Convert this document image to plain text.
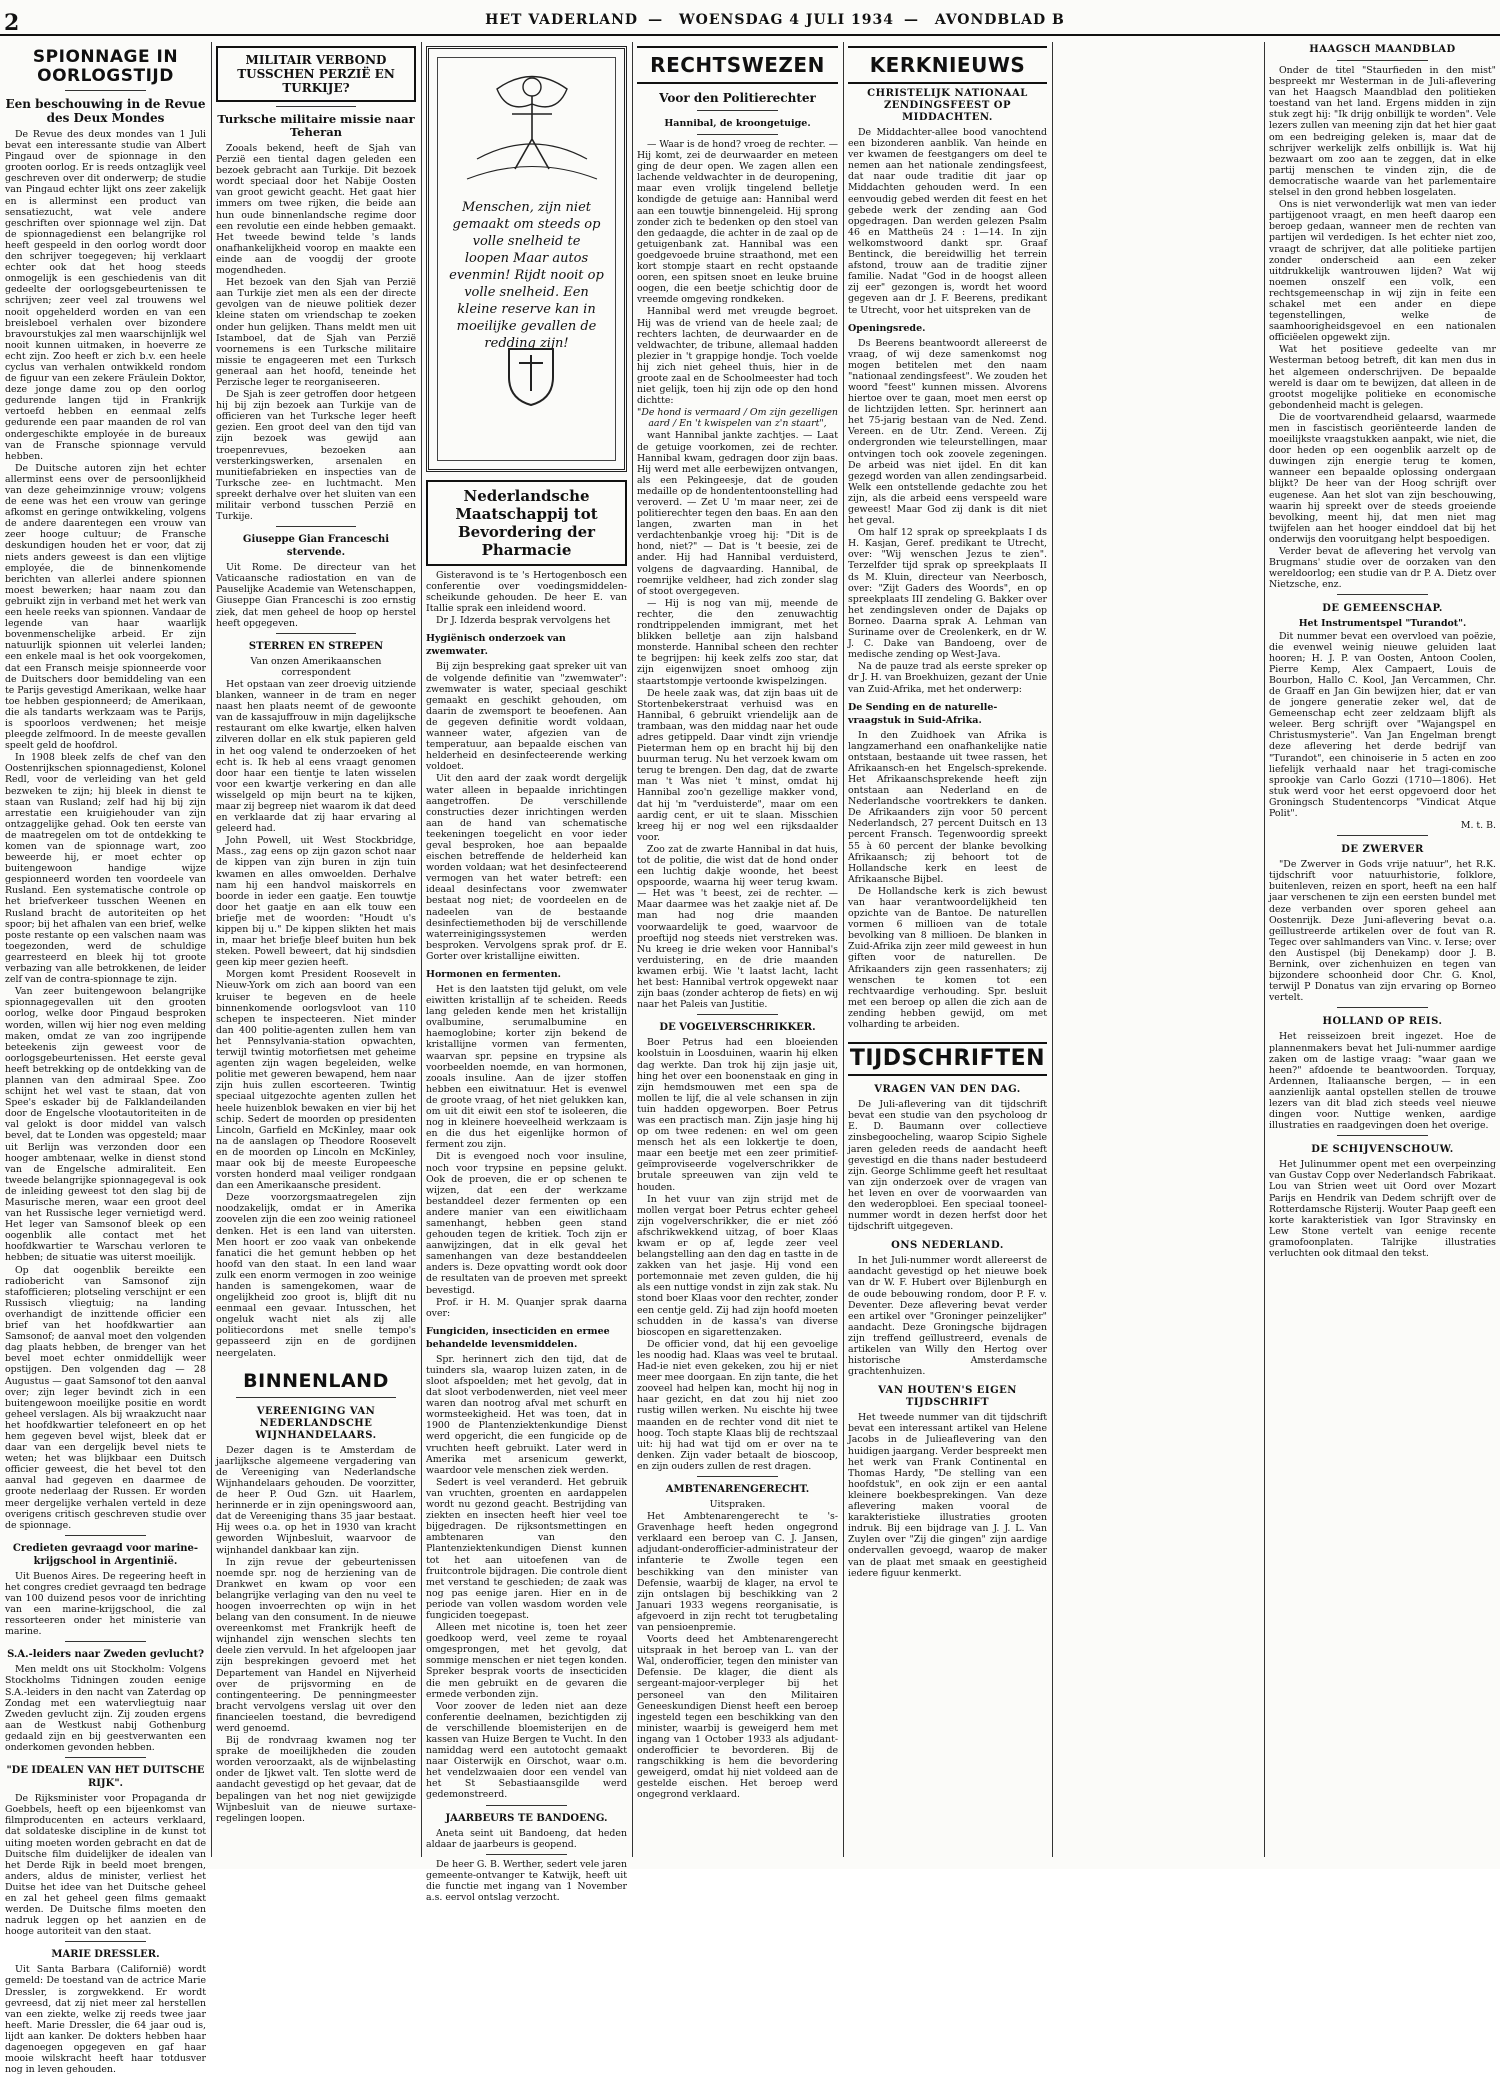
2	HET VADERLAND — WOENSDAG 4 JULI 1934 — AVONDBLAD B
SPIONNAGE IN OORLOGSTIJD
Een beschouwing in de Revue des Deux Mondes
De Revue des deux mondes van 1 Juli bevat een interessante studie van Albert Pingaud over de spionnage in den grooten oorlog. Er is reeds ontzaglijk veel geschreven over dit onderwerp; de studie van Pingaud echter lijkt ons zeer zakelijk en is allerminst een product van sensatiezucht, wat vele andere geschriften over spionnage wel zijn. Dat de spionnagedienst een belangrijke rol heeft gespeeld in den oorlog wordt door den schrijver toegegeven; hij verklaart echter ook dat het hoog steeds onmogelijk is een geschiedenis van dit gedeelte der oorlogsgebeurtenissen te schrijven; zeer veel zal trouwens wel nooit opgehelderd worden en van een breisleboel verhalen over bizondere bravourstukjes zal men waarschijnlijk wel nooit kunnen uitmaken, in hoeverre ze echt zijn. Zoo heeft er zich b.v. een heele cyclus van verhalen ontwikkeld rondom de figuur van een zekere Fräulein Doktor, deze jonge dame zou op den oorlog gedurende langen tijd in Frankrijk vertoefd hebben en eenmaal zelfs gedurende een paar maanden de rol van ondergeschikte employée in de bureaux van de Fransche spionnage vervuld hebben.
De Duitsche autoren zijn het echter allerminst eens over de persoonlijkheid van deze geheimzinnige vrouw; volgens de eene was het een vrouw van geringe afkomst en geringe ontwikkeling, volgens de andere daarentegen een vrouw van zeer hooge cultuur; de Fransche deskundigen houden het er voor, dat zij niets anders geweest is dan een vlijtige employée, die de binnenkomende berichten van allerlei andere spionnen moest bewerken; haar naam zou dan gebruikt zijn in verband met het werk van een heele reeks van spionnen. Vandaar de legende van haar waarlijk bovenmenschelijke arbeid. Er zijn natuurlijk spionnen uit velerlei landen; een enkele maal is het ook voorgekomen, dat een Fransch meisje spionneerde voor de Duitschers door bemiddeling van een te Parijs gevestigd Amerikaan, welke haar toe hebben gespionneerd; de Amerikaan, die als tandarts werkzaam was te Parijs, is spoorloos verdwenen; het meisje pleegde zelfmoord. In de meeste gevallen speelt geld de hoofdrol.
In 1908 bleek zelfs de chef van den Oostenrijkschen spionnagedienst, Kolonel Redl, voor de verleiding van het geld bezweken te zijn; hij bleek in dienst te staan van Rusland; zelf had hij bij zijn arrestatie een kruigiehouder van zijn ontzaggelijke gehad. Ook ten eerste van de maatregelen om tot de ontdekking te komen van de spionnage wart, zoo beweerde hij, er moet echter op buitengewoon handige wijze gespionneerd worden ten voordeele van Rusland. Een systematische controle op het briefverkeer tusschen Weenen en Rusland bracht de autoriteiten op het spoor; bij het afhalen van een brief, welke poste restante op een valschen naam was toegezonden, werd de schuldige gearresteerd en bleek hij tot groote verbazing van alle betrokkenen, de leider zelf van de contra-spionnage te zijn.
Van zeer buitengewoon belangrijke spionnagegevallen uit den grooten oorlog, welke door Pingaud besproken worden, willen wij hier nog even melding maken, omdat ze van zoo ingrijpende beteekenis zijn geweest voor de oorlogsgebeurtenissen. Het eerste geval heeft betrekking op de ontdekking van de plannen van den admiraal Spee. Zoo schijnt het wel vast te staan, dat von Spee's eskader bij de Falklandeilanden door de Engelsche vlootautoriteiten in de val gelokt is door middel van valsch bevel, dat te Londen was opgesteld; maar uit Berlijn was verzonden door een hooger ambtenaar, welke in dienst stond van de Engelsche admiraliteit. Een tweede belangrijke spionnagegeval is ook de inleiding geweest tot den slag bij de Masurische meren, waar een groot deel van het Russische leger vernietigd werd. Het leger van Samsonof bleek op een oogenblik alle contact met het hoofdkwartier te Warschau verloren te hebben; de situatie was uiterst moeilijk.
Op dat oogenblik bereikte een radiobericht van Samsonof zijn stafofficieren; plotseling verschijnt er een Russisch vliegtuig; na landing overhandigt de inzittende officier een brief van het hoofdkwartier aan Samsonof; de aanval moet den volgenden dag plaats hebben, de brenger van het bevel moet echter onmiddellijk weer opstijgen. Den volgenden dag — 28 Augustus — gaat Samsonof tot den aanval over; zijn leger bevindt zich in een buitengewoon moeilijke positie en wordt geheel verslagen. Als bij wraakzucht naar het hoofdkwartier telefoneert en op het hem gegeven bevel wijst, bleek dat er daar van een dergelijk bevel niets te weten; het was blijkbaar een Duitsch officier geweest, die het bevel tot den aanval had gegeven en daarmee de groote nederlaag der Russen. Er worden meer dergelijke verhalen verteld in deze overigens critisch geschreven studie over de spionnage.
Credieten gevraagd voor marine-krijgschool in Argentinië.
Uit Buenos Aires. De regeering heeft in het congres crediet gevraagd ten bedrage van 100 duizend pesos voor de inrichting van een marine-krijgschool, die zal ressorteeren onder het ministerie van marine.
S.A.-leiders naar Zweden gevlucht?
Men meldt ons uit Stockholm: Volgens Stockholms Tidningen zouden eenige S.A.-leiders in den nacht van Zaterdag op Zondag met een watervliegtuig naar Zweden gevlucht zijn. Zij zouden ergens aan de Westkust nabij Gothenburg gedaald zijn en bij geestverwanten een onderkomen gevonden hebben.
"DE IDEALEN VAN HET DUITSCHE RIJK".
De Rijksminister voor Propaganda dr Goebbels, heeft op een bijeenkomst van filmproducenten en acteurs verklaard, dat soldateske discipline in de kunst tot uiting moeten worden gebracht en dat de Duitsche film duidelijker de idealen van het Derde Rijk in beeld moet brengen, anders, aldus de minister, verliest het Duitse het idee van het Duitsche geheel en zal het geheel geen films gemaakt werden. De Duitsche films moeten den nadruk leggen op het aanzien en de hooge autoriteit van den staat.
MARIE DRESSLER.
Uit Santa Barbara (Californië) wordt gemeld: De toestand van de actrice Marie Dressler, is zorgwekkend. Er wordt gevreesd, dat zij niet meer zal herstellen van een ziekte, welke zij reeds twee jaar heeft. Marie Dressler, die 64 jaar oud is, lijdt aan kanker. De dokters hebben haar dagenoegen opgegeven en gaf haar mooie wilskracht heeft haar totdusver nog in leven gehouden.
MILITAIR VERBOND TUSSCHEN PERZIË EN TURKIJE?
Turksche militaire missie naar Teheran
Zooals bekend, heeft de Sjah van Perzië een tiental dagen geleden een bezoek gebracht aan Turkije. Dit bezoek wordt speciaal door het Nabije Oosten van groot gewicht geacht. Het gaat hier immers om twee rijken, die beide aan hun oude binnenlandsche regime door een revolutie een einde hebben gemaakt. Het tweede bewind telde 's lands onafhankelijkheid voorop en maakte een einde aan de voogdij der groote mogendheden.
Het bezoek van den Sjah van Perzië aan Turkije ziet men als een der directe gevolgen van de nieuwe politiek dezer kleine staten om vriendschap te zoeken onder hun gelijken. Thans meldt men uit Istamboel, dat de Sjah van Perzië voornemens is een Turksche militaire missie te engageeren met een Turksch generaal aan het hoofd, teneinde het Perzische leger te reorganiseeren.
De Sjah is zeer getroffen door hetgeen hij bij zijn bezoek aan Turkije van de officieren van het Turksche leger heeft gezien. Een groot deel van den tijd van zijn bezoek was gewijd aan troepenrevues, bezoeken aan versterkingswerken, arsenalen en munitiefabrieken en inspecties van de Turksche zee- en luchtmacht. Men spreekt derhalve over het sluiten van een militair verbond tusschen Perzië en Turkije.
Giuseppe Gian Franceschi stervende.
Uit Rome. De directeur van het Vaticaansche radiostation en van de Pauselijke Academie van Wetenschappen, Giuseppe Gian Franceschi is zoo ernstig ziek, dat men geheel de hoop op herstel heeft opgegeven.
STERREN EN STREPEN
Van onzen Amerikaanschen correspondent
Het opstaan van zeer droevig uitziende blanken, wanneer in de tram en neger naast hen plaats neemt of de gewoonte van de kassajuffrouw in mijn dagelijksche restaurant om elke kwartje, elken halven zilveren dollar en elk stuk papieren geld in het oog valend te onderzoeken of het echt is. Ik heb al eens vraagt genomen door haar een tientje te laten wisselen voor een kwartje verkering en dan alle wisselgeld op mijn beurt na te kijken, maar zij begreep niet waarom ik dat deed en verklaarde dat zij haar ervaring al geleerd had.
John Powell, uit West Stockbridge, Mass., zag eens op zijn gazon schot naar de kippen van zijn buren in zijn tuin kwamen en alles omwoelden. Derhalve nam hij een handvol maiskorrels en boorde in ieder een gaatje. Een touwtje door het gaatje en aan elk touw een briefje met de woorden: "Houdt u's kippen bij u." De kippen slikten het mais in, maar het briefje bleef buiten hun bek steken. Powell beweert, dat hij sindsdien geen kip meer gezien heeft.
Morgen komt President Roosevelt in Nieuw-York om zich aan boord van een kruiser te begeven en de heele binnenkomende oorlogsvloot van 110 schepen te inspecteeren. Niet minder dan 400 politie-agenten zullen hem van het Pennsylvania-station opwachten, terwijl twintig motorfietsen met geheime agenten zijn wagen begeleiden, welke politie met geweren bewapend, hem naar zijn huis zullen escorteeren. Twintig speciaal uitgezochte agenten zullen het heele huizenblok bewaken en vier bij het schip. Sedert de moorden op presidenten Lincoln, Garfield en McKinley, maar ook na de aanslagen op Theodore Roosevelt en de moorden op Lincoln en McKinley, maar ook bij de meeste Europeesche vorsten honderd maal veiliger rondgaan dan een Amerikaansche president.
Deze voorzorgsmaatregelen zijn noodzakelijk, omdat er in Amerika zoovelen zijn die een zoo weinig rationeel denken. Het is een land van uitersten. Men hoort er zoo vaak van onbekende fanatici die het gemunt hebben op het hoofd van den staat. In een land waar zulk een enorm vermogen in zoo weinige handen is samengekomen, waar de ongelijkheid zoo groot is, blijft dit nu eenmaal een gevaar. Intusschen, het ongeluk wacht niet als zij alle politiecordons met snelle tempo's gepasseerd zijn en de gordijnen neergelaten.
BINNENLAND
VEREENIGING VAN NEDERLANDSCHE WIJNHANDELAARS.
Dezer dagen is te Amsterdam de jaarlijksche algemeene vergadering van de Vereeniging van Nederlandsche Wijnhandelaars gehouden. De voorzitter, de heer P. Oud Gzn. uit Haarlem, herinnerde er in zijn openingswoord aan, dat de Vereeniging thans 35 jaar bestaat. Hij wees o.a. op het in 1930 van kracht geworden Wijnbesluit, waarvoor de wijnhandel dankbaar kan zijn.
In zijn revue der gebeurtenissen noemde spr. nog de herziening van de Drankwet en kwam op voor een belangrijke verlaging van den nu veel te hoogen invoerrechten op wijn in het belang van den consument. In de nieuwe overeenkomst met Frankrijk heeft de wijnhandel zijn wenschen slechts ten deele zien vervuld. In het afgeloopen jaar zijn besprekingen gevoerd met het Departement van Handel en Nijverheid over de prijsvorming en de contingenteering. De penningmeester bracht vervolgens verslag uit over den financieelen toestand, die bevredigend werd genoemd.
Bij de rondvraag kwamen nog ter sprake de moeilijkheden die zouden worden veroorzaakt, als de wijnbelasting onder de Ijkwet valt. Ten slotte werd de aandacht gevestigd op het gevaar, dat de bepalingen van het nog niet gewijzigde Wijnbesluit van de nieuwe surtaxe-regelingen loopen.
Menschen, zijn niet gemaakt om steeds op volle snelheid te loopen Maar autos evenmin! Rijdt nooit op volle snelheid. Een kleine reserve kan in moeilijke gevallen de redding zijn!
Nederlandsche Maatschappij tot Bevordering der Pharmacie
Gisteravond is te 's Hertogenbosch een conferentie over voedingsmiddelen-scheikunde gehouden. De heer E. van Itallie sprak een inleidend woord.
Dr J. Idzerda besprak vervolgens het
Hygiënisch onderzoek van zwemwater.
Bij zijn bespreking gaat spreker uit van de volgende definitie van "zwemwater": zwemwater is water, speciaal geschikt gemaakt en geschikt gehouden, om daarin de zwemsport te beoefenen. Aan de gegeven definitie wordt voldaan, wanneer water, afgezien van de temperatuur, aan bepaalde eischen van helderheid en desinfecteerende werking voldoet.
Uit den aard der zaak wordt dergelijk water alleen in bepaalde inrichtingen aangetroffen. De verschillende constructies dezer inrichtingen werden aan de hand van schematische teekeningen toegelicht en voor ieder geval besproken, hoe aan bepaalde eischen betreffende de helderheid kan worden voldaan; wat het desinfecteerend vermogen van het water betreft: een ideaal desinfectans voor zwemwater bestaat nog niet; de voordeelen en de nadeelen van de bestaande desinfectiemethoden bij de verschillende waterreinigingssystemen werden besproken. Vervolgens sprak prof. dr E. Gorter over kristallijne eiwitten.
Hormonen en fermenten.
Het is den laatsten tijd gelukt, om vele eiwitten kristallijn af te scheiden. Reeds lang geleden kende men het kristallijn ovalbumine, serumalbumine en haemoglobine; korter zijn bekend de kristallijne vormen van fermenten, waarvan spr. pepsine en trypsine als voorbeelden noemde, en van hormonen, zooals insuline. Aan de ijzer stoffen hebben een eiwitnatuur. Het is evenwel de groote vraag, of het niet gelukken kan, om uit dit eiwit een stof te isoleeren, die nog in kleinere hoeveelheid werkzaam is en die dus het eigenlijke hormon of ferment zou zijn.
Dit is evengoed noch voor insuline, noch voor trypsine en pepsine gelukt. Ook de proeven, die er op schenen te wijzen, dat een der werkzame bestanddeel dezer fermenten op een andere manier van een eiwitlichaam samenhangt, hebben geen stand gehouden tegen de kritiek. Toch zijn er aanwijzingen, dat in elk geval het samenhangen van deze bestanddeelen anders is. Deze opvatting wordt ook door de resultaten van de proeven met spreekt bevestigd.
Prof. ir H. M. Quanjer sprak daarna over:
Fungiciden, insecticiden en ermee behandelde levensmiddelen.
Spr. herinnert zich den tijd, dat de tuinders sla, waarop luizen zaten, in de sloot afspoelden; met het gevolg, dat in dat sloot verbodenwerden, niet veel meer waren dan nootrog afval met schurft en wormsteekigheid. Het was toen, dat in 1900 de Plantenziektenkundige Dienst werd opgericht, die een fungicide op de vruchten heeft gebruikt. Later werd in Amerika met arsenicum gewerkt, waardoor vele menschen ziek werden.
Sedert is veel veranderd. Het gebruik van vruchten, groenten en aardappelen wordt nu gezond geacht. Bestrijding van ziekten en insecten heeft hier veel toe bijgedragen. De rijksontsmettingen en ambtenaren van den Plantenziektenkundigen Dienst kunnen tot het aan uitoefenen van de fruitcontrole bijdragen. Die controle dient met verstand te geschieden; de zaak was nog pas eenige jaren. Hier en in de periode van vollen wasdom worden vele fungiciden toegepast.
Alleen met nicotine is, toen het zeer goedkoop werd, veel zeme te royaal omgesprongen, met het gevolg, dat sommige menschen er niet tegen konden. Spreker besprak voorts de insecticiden die men gebruikt en de gevaren die ermede verbonden zijn.
Voor zoover de leden niet aan deze conferentie deelnamen, bezichtigden zij de verschillende bloemisterijen en de kassen van Huize Bergen te Vucht. In den namiddag werd een autotocht gemaakt naar Oisterwijk en Oirschot, waar o.m. het vendelzwaaien door een vendel van het St Sebastiaansgilde werd gedemonstreerd.
JAARBEURS TE BANDOENG.
Aneta seint uit Bandoeng, dat heden aldaar de jaarbeurs is geopend.
De heer G. B. Werther, sedert vele jaren gemeente-ontvanger te Katwijk, heeft uit die functie met ingang van 1 November a.s. eervol ontslag verzocht.
RECHTSWEZEN
Voor den Politierechter
Hannibal, de kroongetuige.
— Waar is de hond? vroeg de rechter. — Hij komt, zei de deurwaarder en meteen ging de deur open. We zagen allen een lachende veldwachter in de deuropening, maar even vrolijk tingelend belletje kondigde de getuige aan: Hannibal werd aan een touwtje binnengeleid. Hij sprong zonder zich te bedenken op den stoel van den gedaagde, die achter in de zaal op de getuigenbank zat. Hannibal was een goedgevoede bruine straathond, met een kort stompje staart en recht opstaande ooren, een spitsen snoet en leuke bruine oogen, die een beetje schichtig door de vreemde omgeving rondkeken.
Hannibal werd met vreugde begroet. Hij was de vriend van de heele zaal; de rechters lachten, de deurwaarder en de veldwachter, de tribune, allemaal hadden plezier in 't grappige hondje. Toch voelde hij zich niet geheel thuis, hier in de groote zaal en de Schoolmeester had toch niet gelijk, toen hij zijn ode op den hond dichtte:
"De hond is vermaard / Om zijn gezelligen aard / En 't kwispelen van z'n staart",
want Hannibal jankte zachtjes. — Laat de getuige voorkomen, zei de rechter. Hannibal kwam, gedragen door zijn baas. Hij werd met alle eerbewijzen ontvangen, als een Pekingeesje, dat de gouden medaille op de hondententoonstelling had veroverd. — Zet U 'm maar neer, zei de politierechter tegen den baas. En aan den langen, zwarten man in het verdachtenbankje vroeg hij: "Dit is de hond, niet?" — Dat is 't beesie, zei de ander. Hij had Hannibal verduisterd, volgens de dagvaarding. Hannibal, de roemrijke veldheer, had zich zonder slag of stoot overgegeven.
— Hij is nog van mij, meende de rechter, die den zenuwachtig rondtrippelenden immigrant, met het blikken belletje aan zijn halsband monsterde. Hannibal scheen den rechter te begrijpen: hij keek zelfs zoo star, dat zijn eigenwijzen snoet omhoog zijn staartstompje vertoonde kwispelzingen.
De heele zaak was, dat zijn baas uit de Stortenbekerstraat verhuisd was en Hannibal, 6 gebruikt vriendelijk aan de trambaan, was den middag naar het oude adres getippeld. Daar vindt zijn vriendje Pieterman hem op en bracht hij bij den buurman terug. Nu het verzoek kwam om terug te brengen. Den dag, dat de zwarte man 't Was niet 't minst, omdat hij Hannibal zoo'n gezellige makker vond, dat hij 'm "verduisterde", maar om een aardig cent, er uit te slaan. Misschien kreeg hij er nog wel een rijksdaalder voor.
Zoo zat de zwarte Hannibal in dat huis, tot de politie, die wist dat de hond onder een luchtig dakje woonde, het beest opspoorde, waarna hij weer terug kwam. — Het was 't beest, zei de rechter. — Maar daarmee was het zaakje niet af. De man had nog drie maanden voorwaardelijk te goed, waarvoor de proeftijd nog steeds niet verstreken was. Nu kreeg ie drie weken voor Hannibal's verduistering, en de drie maanden kwamen erbij. Wie 't laatst lacht, lacht het best: Hannibal vertrok opgewekt naar zijn baas (zonder achterop de fiets) en wij naar het Paleis van Justitie.
DE VOGELVERSCHRIKKER.
Boer Petrus had een bloeienden koolstuin in Loosduinen, waarin hij elken dag werkte. Dan trok hij zijn jasje uit, hing het over een boonenstaak en ging in zijn hemdsmouwen met een spa de mollen te lijf, die al vele schansen in zijn tuin hadden opgeworpen. Boer Petrus was een practisch man. Zijn jasje hing hij op om twee redenen: en wel om geen mensch het als een lokkertje te doen, maar een beetje met een zeer primitief-geïmproviseerde vogelverschrikker de brutale spreeuwen van zijn veld te houden.
In het vuur van zijn strijd met de mollen vergat boer Petrus echter geheel zijn vogelverschrikker, die er niet zóó afschrikwekkend uitzag, of boer Klaas kwam er op af, legde zeer veel belangstelling aan den dag en tastte in de zakken van het jasje. Hij vond een portemonnaie met zeven gulden, die hij als een nuttige vondst in zijn zak stak. Nu stond boer Klaas voor den rechter, zonder een centje geld. Zij had zijn hoofd moeten schudden in de kassa's van diverse bioscopen en sigarettenzaken.
De officier vond, dat hij een gevoelige les noodig had. Klaas was veel te brutaal. Had-ie niet even gekeken, zou hij er niet meer mee doorgaan. En zijn tante, die het zooveel had helpen kan, mocht hij nog in haar gezicht, en dat zou hij niet zoo rustig willen werken. Nu eischte hij twee maanden en de rechter vond dit niet te hoog. Toch stapte Klaas blij de rechtszaal uit: hij had wat tijd om er over na te denken. Zijn vader betaalt de bioscoop, en zijn ouders zullen de rest dragen.
AMBTENARENGERECHT.
Uitspraken.
Het Ambtenarengerecht te 's-Gravenhage heeft heden ongegrond verklaard een beroep van C. J. Jansen, adjudant-onderofficier-administrateur der infanterie te Zwolle tegen een beschikking van den minister van Defensie, waarbij de klager, na ervol te zijn ontslagen bij beschikking van 2 Januari 1933 wegens reorganisatie, is afgevoerd in zijn recht tot terugbetaling van pensioenpremie.
Voorts deed het Ambtenarengerecht uitspraak in het beroep van L. van der Wal, onderofficier, tegen den minister van Defensie. De klager, die dient als sergeant-majoor-verpleger bij het personeel van den Militairen Geneeskundigen Dienst heeft een beroep ingesteld tegen een beschikking van den minister, waarbij is geweigerd hem met ingang van 1 October 1933 als adjudant-onderofficier te bevorderen. Bij de rangschikking is hem die bevordering geweigerd, omdat hij niet voldeed aan de gestelde eischen. Het beroep werd ongegrond verklaard.
KERKNIEUWS
CHRISTELIJK NATIONAAL ZENDINGSFEEST OP MIDDACHTEN.
De Middachter-allee bood vanochtend een bizonderen aanblik. Van heinde en ver kwamen de feestgangers om deel te nemen aan het nationale zendingsfeest, dat naar oude traditie dit jaar op Middachten gehouden werd. In een eenvoudig gebed werden dit feest en het gebede werk der zending aan God opgedragen. Dan werden gelezen Psalm 46 en Mattheüs 24 : 1—14. In zijn welkomstwoord dankt spr. Graaf Bentinck, die bereidwillig het terrein afstond, trouw aan de traditie zijner familie. Nadat "God in de hoogst alleen zij eer" gezongen is, wordt het woord gegeven aan dr J. F. Beerens, predikant te Utrecht, voor het uitspreken van de
Openingsrede.
Ds Beerens beantwoordt allereerst de vraag, of wij deze samenkomst nog mogen betitelen met den naam "nationaal zendingsfeest". We zouden het woord "feest" kunnen missen. Alvorens hiertoe over te gaan, moet men eerst op de lichtzijden letten. Spr. herinnert aan het 75-jarig bestaan van de Ned. Zend. Vereen. en de Utr. Zend. Vereen. Zij ondergronden wie teleurstellingen, maar ontvingen toch ook zoovele zegeningen. De arbeid was niet ijdel. En dit kan gezegd worden van allen zendingsarbeid. Welk een ontstellende gedachte zou het zijn, als die arbeid eens verspeeld ware geweest! Maar God zij dank is dit niet het geval.
Om half 12 sprak op spreekplaats I ds H. Kasjan, Geref. predikant te Utrecht, over: "Wij wenschen Jezus te zien". Terzelfder tijd sprak op spreekplaats II ds M. Kluin, directeur van Neerbosch, over: "Zijt Gaders des Woords", en op spreekplaats III zendeling G. Bakker over het zendingsleven onder de Dajaks op Borneo. Daarna sprak A. Lehman van Suriname over de Creolenkerk, en dr W. J. C. Dake van Bandoeng, over de medische zending op West-Java.
Na de pauze trad als eerste spreker op dr J. H. van Broekhuizen, gezant der Unie van Zuid-Afrika, met het onderwerp:
De Sending en de naturelle-vraagstuk in Suid-Afrika.
In den Zuidhoek van Afrika is langzamerhand een onafhankelijke natie ontstaan, bestaande uit twee rassen, het Afrikaansch-en het Engelsch-sprekende. Het Afrikaanschsprekende heeft zijn ontstaan aan Nederland en de Nederlandsche voortrekkers te danken. De Afrikaanders zijn voor 50 percent Nederlandsch, 27 percent Duitsch en 13 percent Fransch. Tegenwoordig spreekt 55 à 60 percent der blanke bevolking Afrikaansch; zij behoort tot de Hollandsche kerk en leest de Afrikaansche Bijbel.
De Hollandsche kerk is zich bewust van haar verantwoordelijkheid ten opzichte van de Bantoe. De naturellen vormen 6 millioen van de totale bevolking van 8 millioen. De blanken in Zuid-Afrika zijn zeer mild geweest in hun giften voor de naturellen. De Afrikaanders zijn geen rassenhaters; zij wenschen te komen tot een rechtvaardige verhouding. Spr. besluit met een beroep op allen die zich aan de zending hebben gewijd, om met volharding te arbeiden.
TIJDSCHRIFTEN
VRAGEN VAN DEN DAG.
De Juli-aflevering van dit tijdschrift bevat een studie van den psycholoog dr E. D. Baumann over collectieve zinsbegoocheling, waarop Scipio Sighele jaren geleden reeds de aandacht heeft gevestigd en die thans nader bestudeerd zijn. George Schlimme geeft het resultaat van zijn onderzoek over de vragen van het leven en over de voorwaarden van den wederopbloei. Een speciaal tooneel-nummer wordt in dezen herfst door het tijdschrift uitgegeven.
ONS NEDERLAND.
In het Juli-nummer wordt allereerst de aandacht gevestigd op het nieuwe boek van dr W. F. Hubert over Bijlenburgh en de oude bebouwing rondom, door P. F. v. Deventer. Deze aflevering bevat verder een artikel over "Groninger peinzelijker" aandacht. Deze Groningsche bijdragen zijn treffend geïllustreerd, evenals de artikelen van Willy den Hertog over historische Amsterdamsche grachtenhuizen.
VAN HOUTEN'S EIGEN TIJDSCHRIFT
Het tweede nummer van dit tijdschrift bevat een interessant artikel van Helene Jacobs in de Julieaflevering van den huidigen jaargang. Verder bespreekt men het werk van Frank Continental en Thomas Hardy, "De stelling van een hoofdstuk", en ook zijn er een aantal kleinere boekbesprekingen. Van deze aflevering maken vooral de karakteristieke illustraties grooten indruk. Bij een bijdrage van J. J. L. Van Zuylen over "Zij die gingen" zijn aardige ondervallen gevoegd, waarop de maker van de plaat met smaak en geestigheid iedere figuur kenmerkt.
HAAGSCH MAANDBLAD
Onder de titel "Staurfieden in den mist" bespreekt mr Westerman in de Juli-aflevering van het Haagsch Maandblad den politieken toestand van het land. Ergens midden in zijn stuk zegt hij: "Ik drijg onbillijk te worden". Vele lezers zullen van meening zijn dat het hier gaat om een bedreiging geleken is, maar dat de schrijver werkelijk zelfs onbillijk is. Wat hij bezwaart om zoo aan te zeggen, dat in elke partij menschen te vinden zijn, die de democratische waarde van het parlementaire stelsel in den grond hebben losgelaten.
Ons is niet verwonderlijk wat men van ieder partijgenoot vraagt, en men heeft daarop een beroep gedaan, wanneer men de rechten van partijen wil verdedigen. Is het echter niet zoo, vraagt de schrijver, dat alle politieke partijen zonder onderscheid aan een zeker uitdrukkelijk wantrouwen lijden? Wat wij noemen onszelf een volk, een rechtsgemeenschap in wij zijn in feite een schakel met een ander en diepe tegenstellingen, welke de saamhoorigheidsgevoel en een nationalen officiëelen opgewekt zijn.
Wat het positieve gedeelte van mr Westerman betoog betreft, dit kan men dus in het algemeen onderschrijven. De bepaalde wereld is daar om te bewijzen, dat alleen in de grootst mogelijke politieke en economische gebondenheid macht is gelegen.
Die de voortvarendheid gelaarsd, waarmede men in fascistisch georiënteerde landen de moeilijkste vraagstukken aanpakt, wie niet, die door heden op een oogenblik aarzelt op de duwingen zijn energie terug te komen, wanneer een bepaalde oplossing ondergaan blijkt? De heer van der Hoog schrijft over eugenese. Aan het slot van zijn beschouwing, waarin hij spreekt over de steeds groeiende bevolking, meent hij, dat men niet mag twijfelen aan het hooger einddoel dat bij het onderwijs den vooruitgang helpt bespoedigen.
Verder bevat de aflevering het vervolg van Brugmans' studie over de oorzaken van den wereldoorlog; een studie van dr P. A. Dietz over Nietzsche, enz.
DE GEMEENSCHAP.
Het Instrumentspel "Turandot".
Dit nummer bevat een overvloed van poëzie, die evenwel weinig nieuwe geluiden laat hooren; H. J. P. van Oosten, Antoon Coolen, Pierre Kemp, Alex Campaert, Louis de Bourbon, Hallo C. Kool, Jan Vercammen, Chr. de Graaff en Jan Gin bewijzen hier, dat er van de jongere generatie zeker wel, dat de Gemeenschap echt zeer zeldzaam blijft als weleer. Berg schrijft over "Wajangspel en Christusmysterie". Van Jan Engelman brengt deze aflevering het derde bedrijf van "Turandot", een chinoiserie in 5 acten en zoo liefelijk verhaald naar het tragi-comische sprookje van Carlo Gozzi (1710—1806). Het stuk werd voor het eerst opgevoerd door het Groningsch Studentencorps "Vindicat Atque Polit".
M. t. B.
DE ZWERVER
"De Zwerver in Gods vrije natuur", het R.K. tijdschrift voor natuurhistorie, folklore, buitenleven, reizen en sport, heeft na een half jaar verschenen te zijn een eersten bundel met deze verbanden over sporen geheel aan Oostenrijk. Deze Juni-aflevering bevat o.a. geïllustreerde artikelen over de fout van R. Tegec over sahlmanders van Vinc. v. Ierse; over den Austispel (bij Denekamp) door J. B. Bernink, over zichenhuizen en tegen van bijzondere schoonheid door Chr. G. Knol, terwijl P Donatus van zijn ervaring op Borneo vertelt.
HOLLAND OP REIS.
Het reisseizoen breit ingezet. Hoe de plannenmakers bevat het Juli-nummer aardige zaken om de lastige vraag: "waar gaan we heen?" afdoende te beantwoorden. Torquay, Ardennen, Italiaansche bergen, — in een aanzienlijk aantal opstellen stellen de trouwe lezers van dit blad zich steeds veel nieuwe dingen voor. Nuttige wenken, aardige illustraties en raadgevingen doen het overige.
DE SCHIJVENSCHOUW.
Het Julinummer opent met een overpeinzing van Gustav Copp over Nederlandsch Fabrikaat. Lou van Strien weet uit Oord over Mozart Parijs en Hendrik van Dedem schrijft over de Rotterdamsche Rijsterij. Wouter Paap geeft een korte karakteristiek van Igor Stravinsky en Lew Stone vertelt van eenige recente gramofoonplaten. Talrijke illustraties verluchten ook ditmaal den tekst.
